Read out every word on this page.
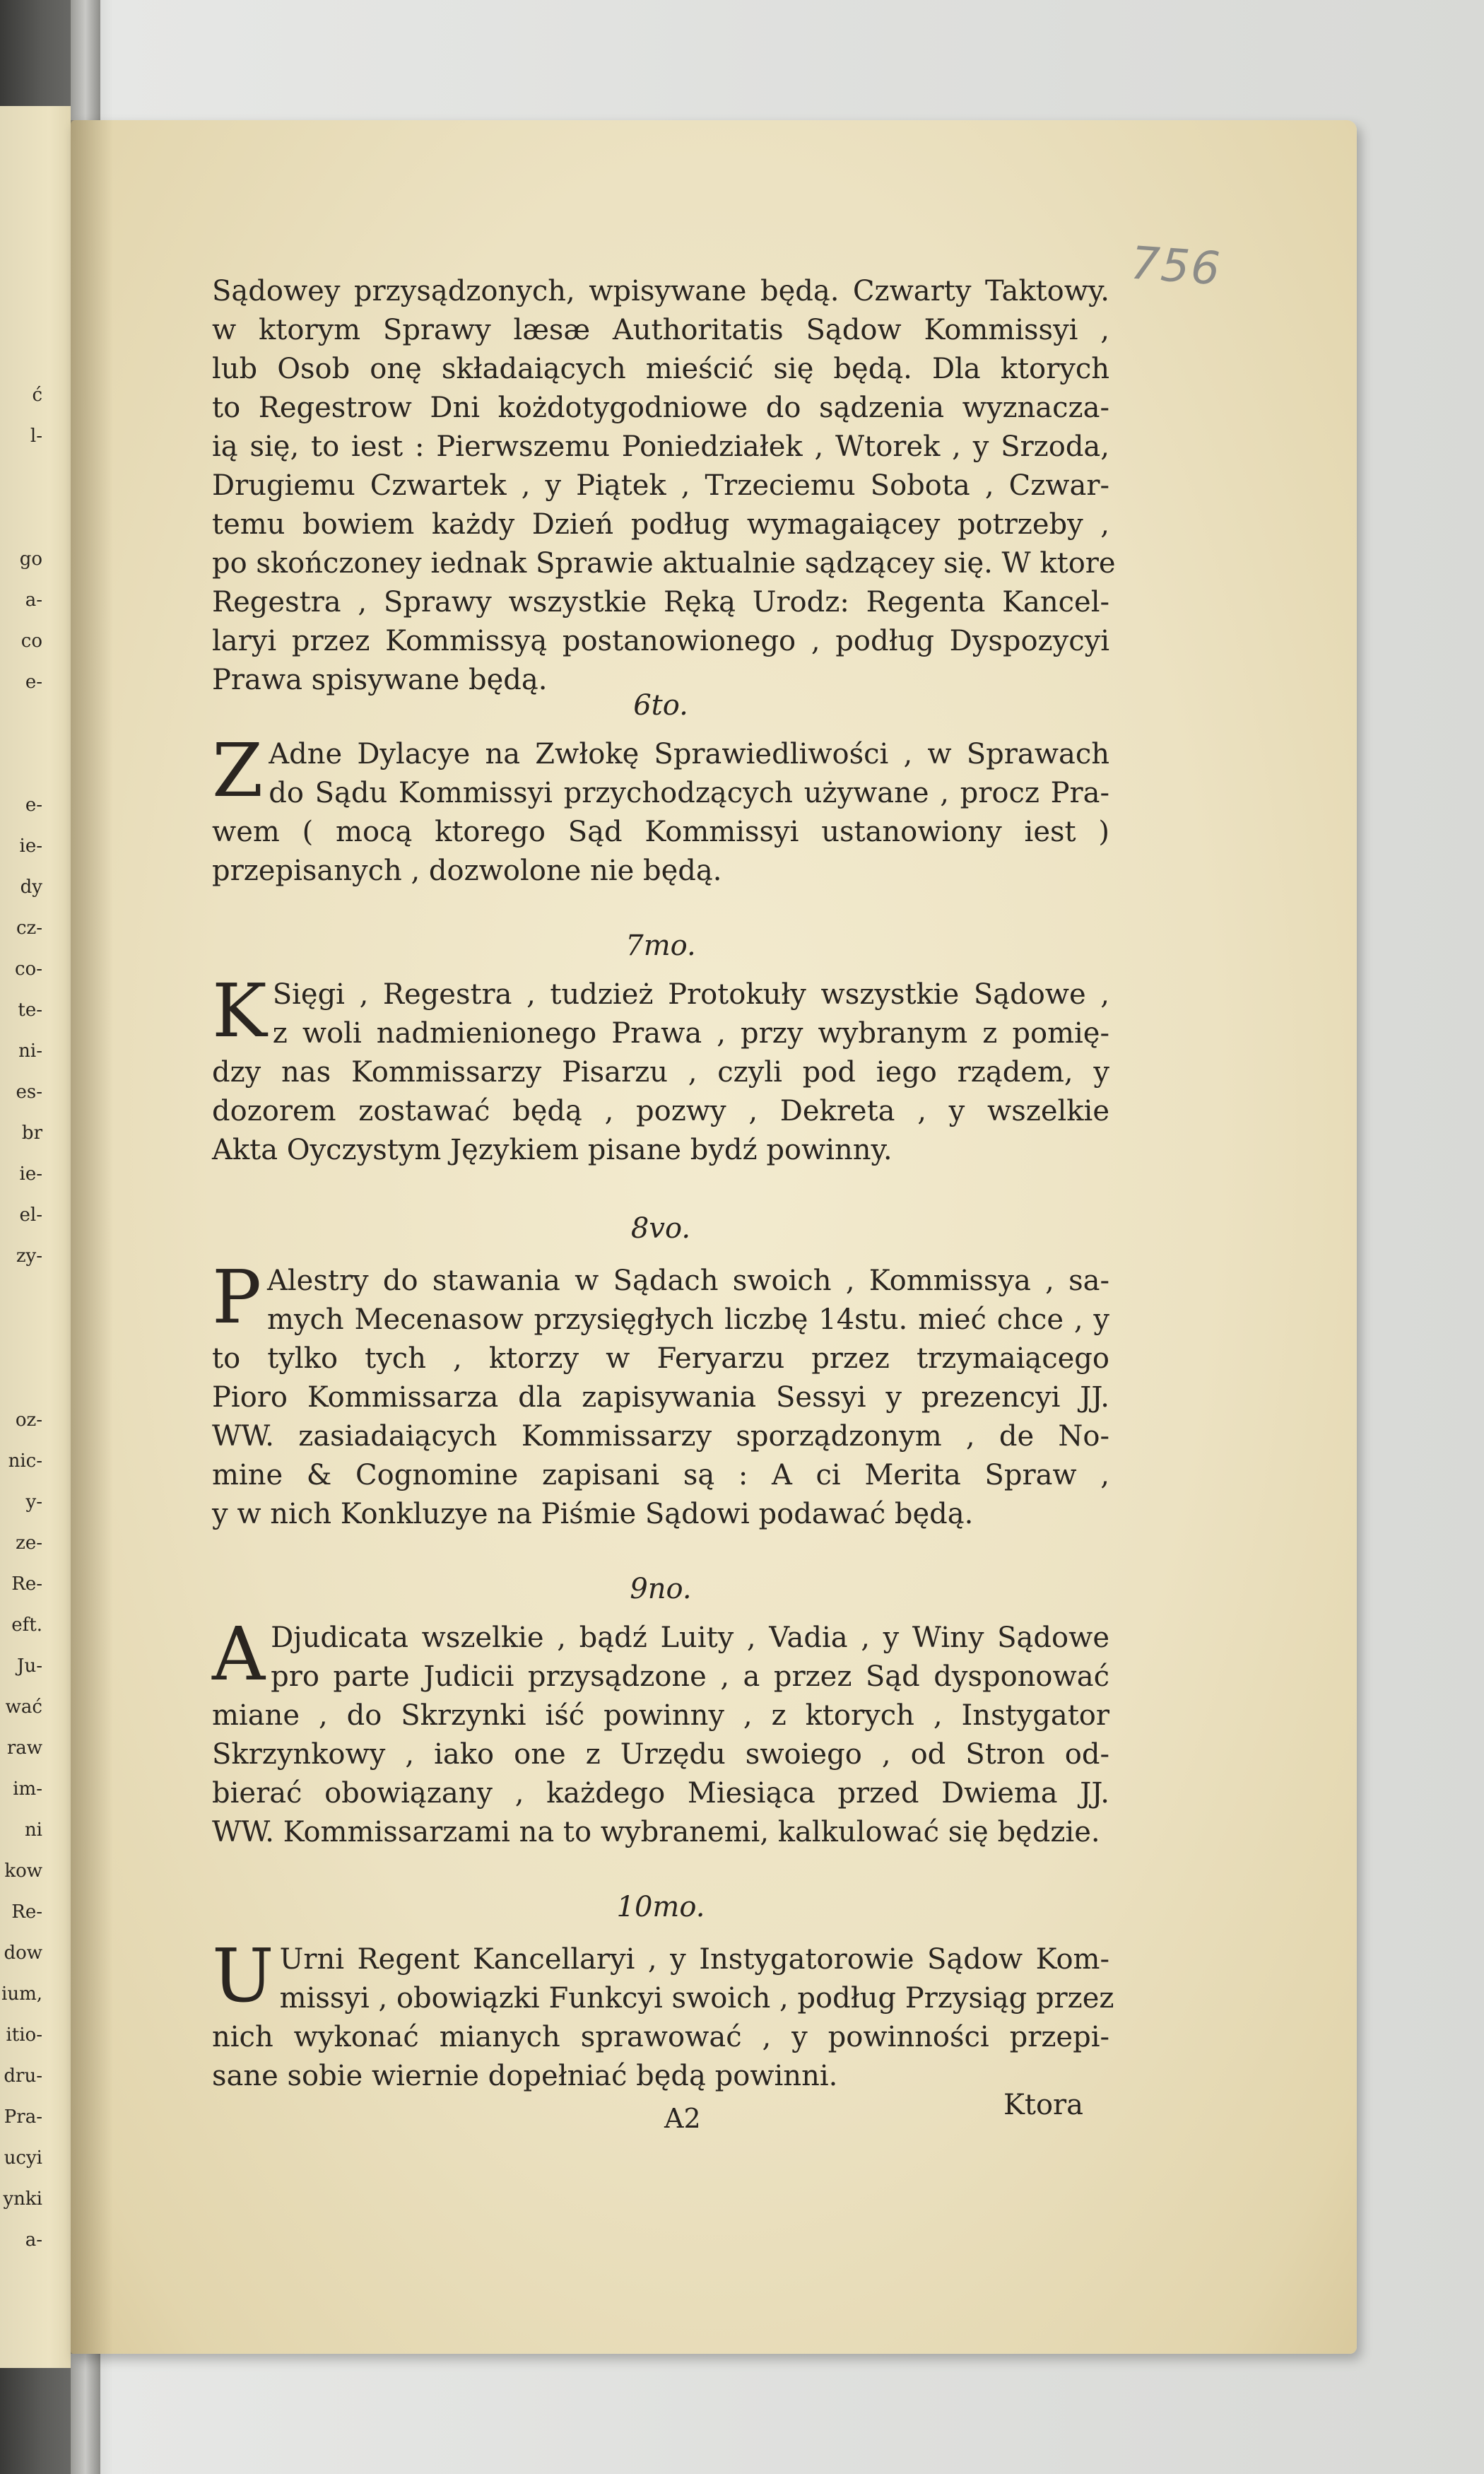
ć
l-
go
a-
co
e-
e-
ie-
dy
cz-
co-
te-
ni-
es-
br
ie-
el-
zy-
oz-
nic-
y-
ze-
Re-
eft.
Ju-
wać
raw
im-
ni
kow
Re-
dow
ium,
itio-
dru-
Pra-
ucyi
ynki
a-
756
Sądowey przysądzonych, wpisywane będą. Czwarty Taktowy.
w ktorym Sprawy læsæ Authoritatis Sądow Kommissyi ,
lub Osob onę składaiących mieścić się będą. Dla ktorych
to Regestrow Dni kożdotygodniowe do sądzenia wyznacza-
ią się, to iest : Pierwszemu Poniedziałek , Wtorek , y Srzoda,
Drugiemu Czwartek , y Piątek , Trzeciemu Sobota , Czwar-
temu bowiem każdy Dzień podług wymagaiącey potrzeby ,
po skończoney iednak Sprawie aktualnie sądzącey się. W ktore
Regestra , Sprawy wszystkie Ręką Urodz: Regenta Kancel-
laryi przez Kommissyą postanowionego , podług Dyspozycyi
Prawa spisywane będą.
6to.
Z Adne Dylacye na Zwłokę Sprawiedliwości , w Sprawach
do Sądu Kommissyi przychodzących używane , procz Pra-
wem ( mocą ktorego Sąd Kommissyi ustanowiony iest )
przepisanych , dozwolone nie będą.
7mo.
K Sięgi , Regestra , tudzież Protokuły wszystkie Sądowe ,
z woli nadmienionego Prawa , przy wybranym z pomię-
dzy nas Kommissarzy Pisarzu , czyli pod iego rządem, y
dozorem zostawać będą , pozwy , Dekreta , y wszelkie
Akta Oyczystym Językiem pisane bydź powinny.
8vo.
P Alestry do stawania w Sądach swoich , Kommissya , sa-
mych Mecenasow przysięgłych liczbę 14stu. mieć chce , y
to tylko tych , ktorzy w Feryarzu przez trzymaiącego
Pioro Kommissarza dla zapisywania Sessyi y prezencyi JJ.
WW. zasiadaiących Kommissarzy sporządzonym , de No-
mine & Cognomine zapisani są : A ci Merita Spraw ,
y w nich Konkluzye na Piśmie Sądowi podawać będą.
9no.
A Djudicata wszelkie , bądź Luity , Vadia , y Winy Sądowe
pro parte Judicii przysądzone , a przez Sąd dysponować
miane , do Skrzynki iść powinny , z ktorych , Instygator
Skrzynkowy , iako one z Urzędu swoiego , od Stron od-
bierać obowiązany , każdego Miesiąca przed Dwiema JJ.
WW. Kommissarzami na to wybranemi, kalkulować się będzie.
10mo.
U Urni Regent Kancellaryi , y Instygatorowie Sądow Kom-
missyi , obowiązki Funkcyi swoich , podług Przysiąg przez
nich wykonać mianych sprawować , y powinności przepi-
sane sobie wiernie dopełniać będą powinni.
A2	Ktora
